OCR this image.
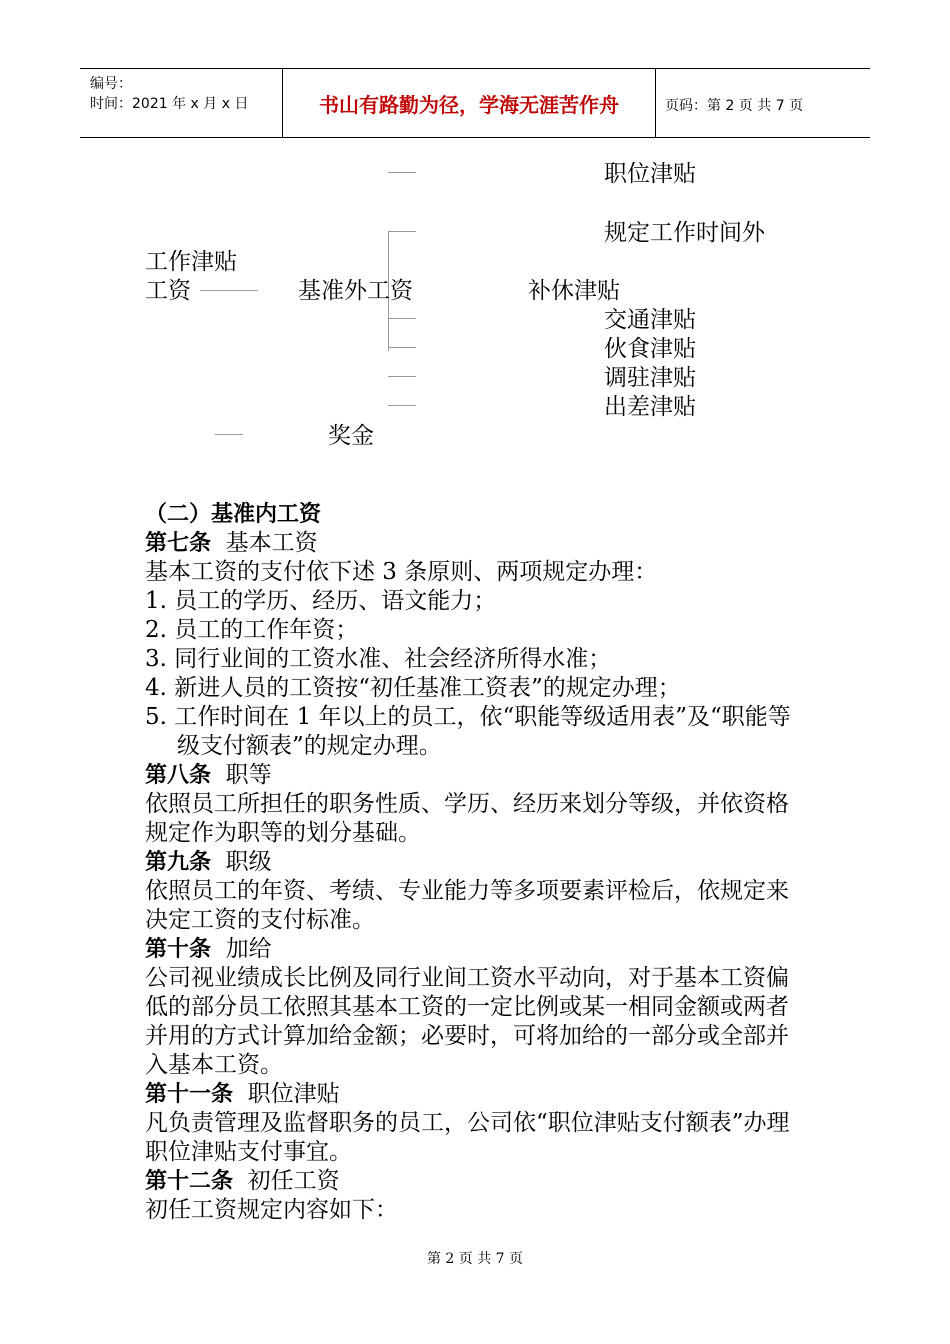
编号：
时间：2021 年 x 月 x 日	书山有路勤为径，学海无涯苦作舟	页码：第 2 页 共 7 页
职位津贴
规定工作时间外
工作津贴
工资	基准外工资	补休津贴
交通津贴
伙食津贴
调驻津贴
出差津贴
奖金

（二）基准内工资

第七条 基本工资

基本工资的支付依下述 3 条原则、两项规定办理：

1. 员工的学历、经历、语文能力；

2. 员工的工作年资；

3. 同行业间的工资水准、社会经济所得水准；

4. 新进人员的工资按“初任基准工资表”的规定办理；

5. 工作时间在 1 年以上的员工，依“职能等级适用表”及“职能等级支付额表”的规定办理。

第八条 职等

依照员工所担任的职务性质、学历、经历来划分等级，并依资格规定作为职等的划分基础。

第九条 职级

依照员工的年资、考绩、专业能力等多项要素评检后，依规定来决定工资的支付标准。

第十条 加给

公司视业绩成长比例及同行业间工资水平动向，对于基本工资偏低的部分员工依照其基本工资的一定比例或某一相同金额或两者并用的方式计算加给金额；必要时，可将加给的一部分或全部并入基本工资。

第十一条 职位津贴

凡负责管理及监督职务的员工，公司依“职位津贴支付额表”办理职位津贴支付事宜。

第十二条 初任工资

初任工资规定内容如下：

第 2 页 共 7 页
